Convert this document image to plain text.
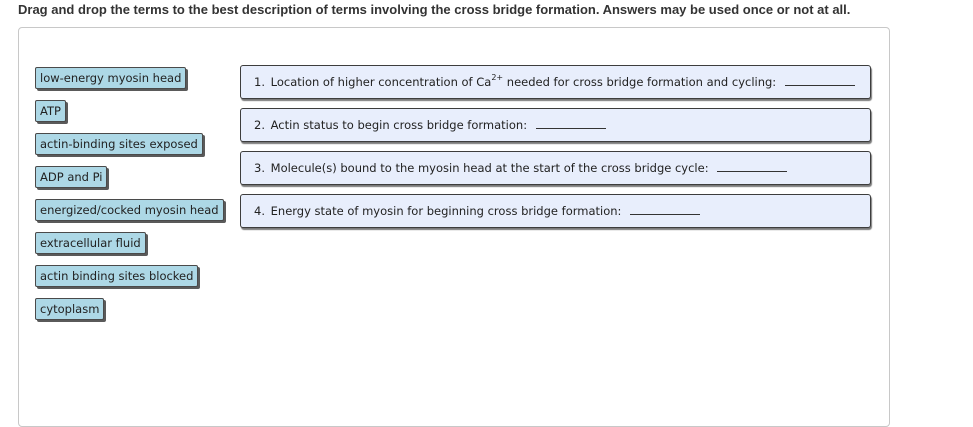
Drag and drop the terms to the best description of terms involving the cross bridge formation. Answers may be used once or not at all.
low-energy myosin head
ATP
actin-binding sites exposed
ADP and Pi
energized/cocked myosin head
extracellular fluid
actin binding sites blocked
cytoplasm
1. Location of higher concentration of $Ca^{2+}$ needed for cross bridge formation and cycling:
2. Actin status to begin cross bridge formation:
3. Molecule(s) bound to the myosin head at the start of the cross bridge cycle:
4. Energy state of myosin for beginning cross bridge formation:
